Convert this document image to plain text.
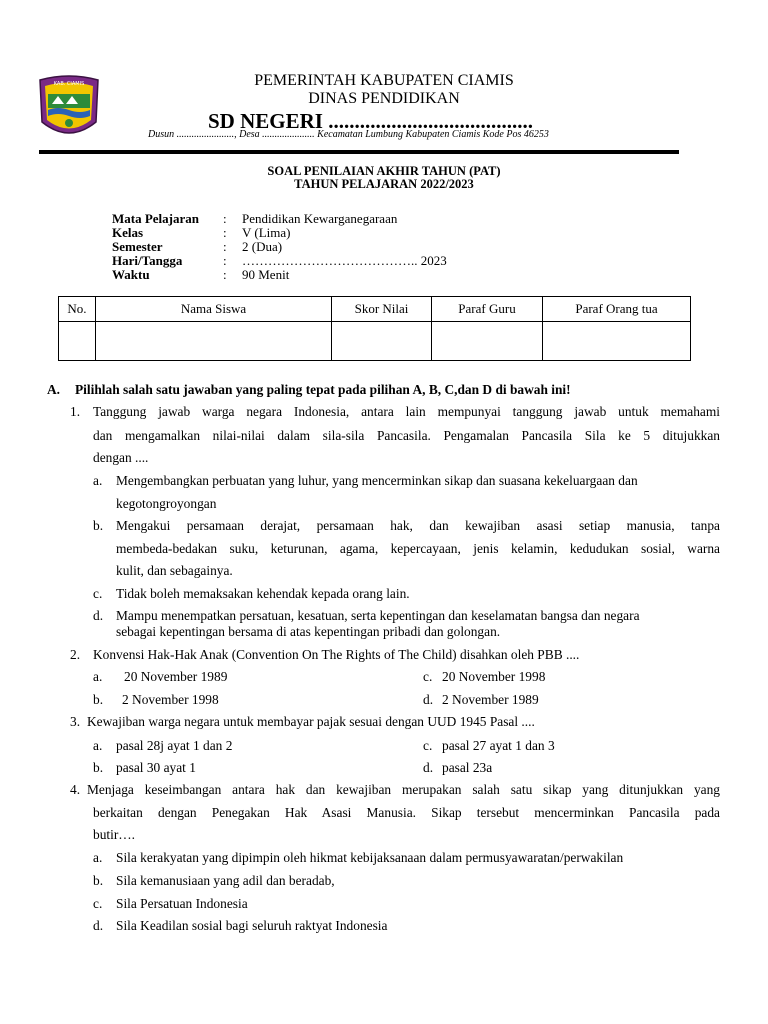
KAB. CIAMIS	PEMERINTAH KABUPATEN CIAMIS
DINAS PENDIDIKAN
SD NEGERI .......................................
Dusun ......................., Desa ..................... Kecamatan Lumbung Kabupaten Ciamis Kode Pos 46253
SOAL PENILAIAN AKHIR TAHUN (PAT)
TAHUN PELAJARAN 2022/2023
Mata Pelajaran : Pendidikan Kewarganegaraan
Kelas	: V (Lima)
Semester	: 2 (Dua)
Hari/Tangga	: ………………………………….. 2023
Waktu	: 90 Menit
No.	Nama Siswa	Skor Nilai	Paraf Guru	Paraf Orang tua

A. Pilihlah salah satu jawaban yang paling tepat pada pilihan A, B, C,dan D di bawah ini!
1. Tanggung jawab warga negara Indonesia, antara lain mempunyai tanggung jawab untuk memahami
dan mengamalkan nilai-nilai dalam sila-sila Pancasila. Pengamalan Pancasila Sila ke 5 ditujukkan
dengan ....
a. Mengembangkan perbuatan yang luhur, yang mencerminkan sikap dan suasana kekeluargaan dan
kegotongroyongan
b. Mengakui persamaan derajat, persamaan hak, dan kewajiban asasi setiap manusia, tanpa
membeda-bedakan suku, keturunan, agama, kepercayaan, jenis kelamin, kedudukan sosial, warna
kulit, dan sebagainya.
c. Tidak boleh memaksakan kehendak kepada orang lain.
d. Mampu menempatkan persatuan, kesatuan, serta kepentingan dan keselamatan bangsa dan negara
sebagai kepentingan bersama di atas kepentingan pribadi dan golongan.
2. Konvensi Hak-Hak Anak (Convention On The Rights of The Child) disahkan oleh PBB ....
a. 20 November 1989	c. 20 November 1998
b. 2 November 1998	d. 2 November 1989
3. Kewajiban warga negara untuk membayar pajak sesuai dengan UUD 1945 Pasal ....
a. pasal 28j ayat 1 dan 2	c. pasal 27 ayat 1 dan 3
b. pasal 30 ayat 1	d. pasal 23a
4. Menjaga keseimbangan antara hak dan kewajiban merupakan salah satu sikap yang ditunjukkan yang
berkaitan dengan Penegakan Hak Asasi Manusia. Sikap tersebut mencerminkan Pancasila pada
butir….
a. Sila kerakyatan yang dipimpin oleh hikmat kebijaksanaan dalam permusyawaratan/perwakilan
b. Sila kemanusiaan yang adil dan beradab,
c. Sila Persatuan Indonesia
d. Sila Keadilan sosial bagi seluruh raktyat Indonesia
